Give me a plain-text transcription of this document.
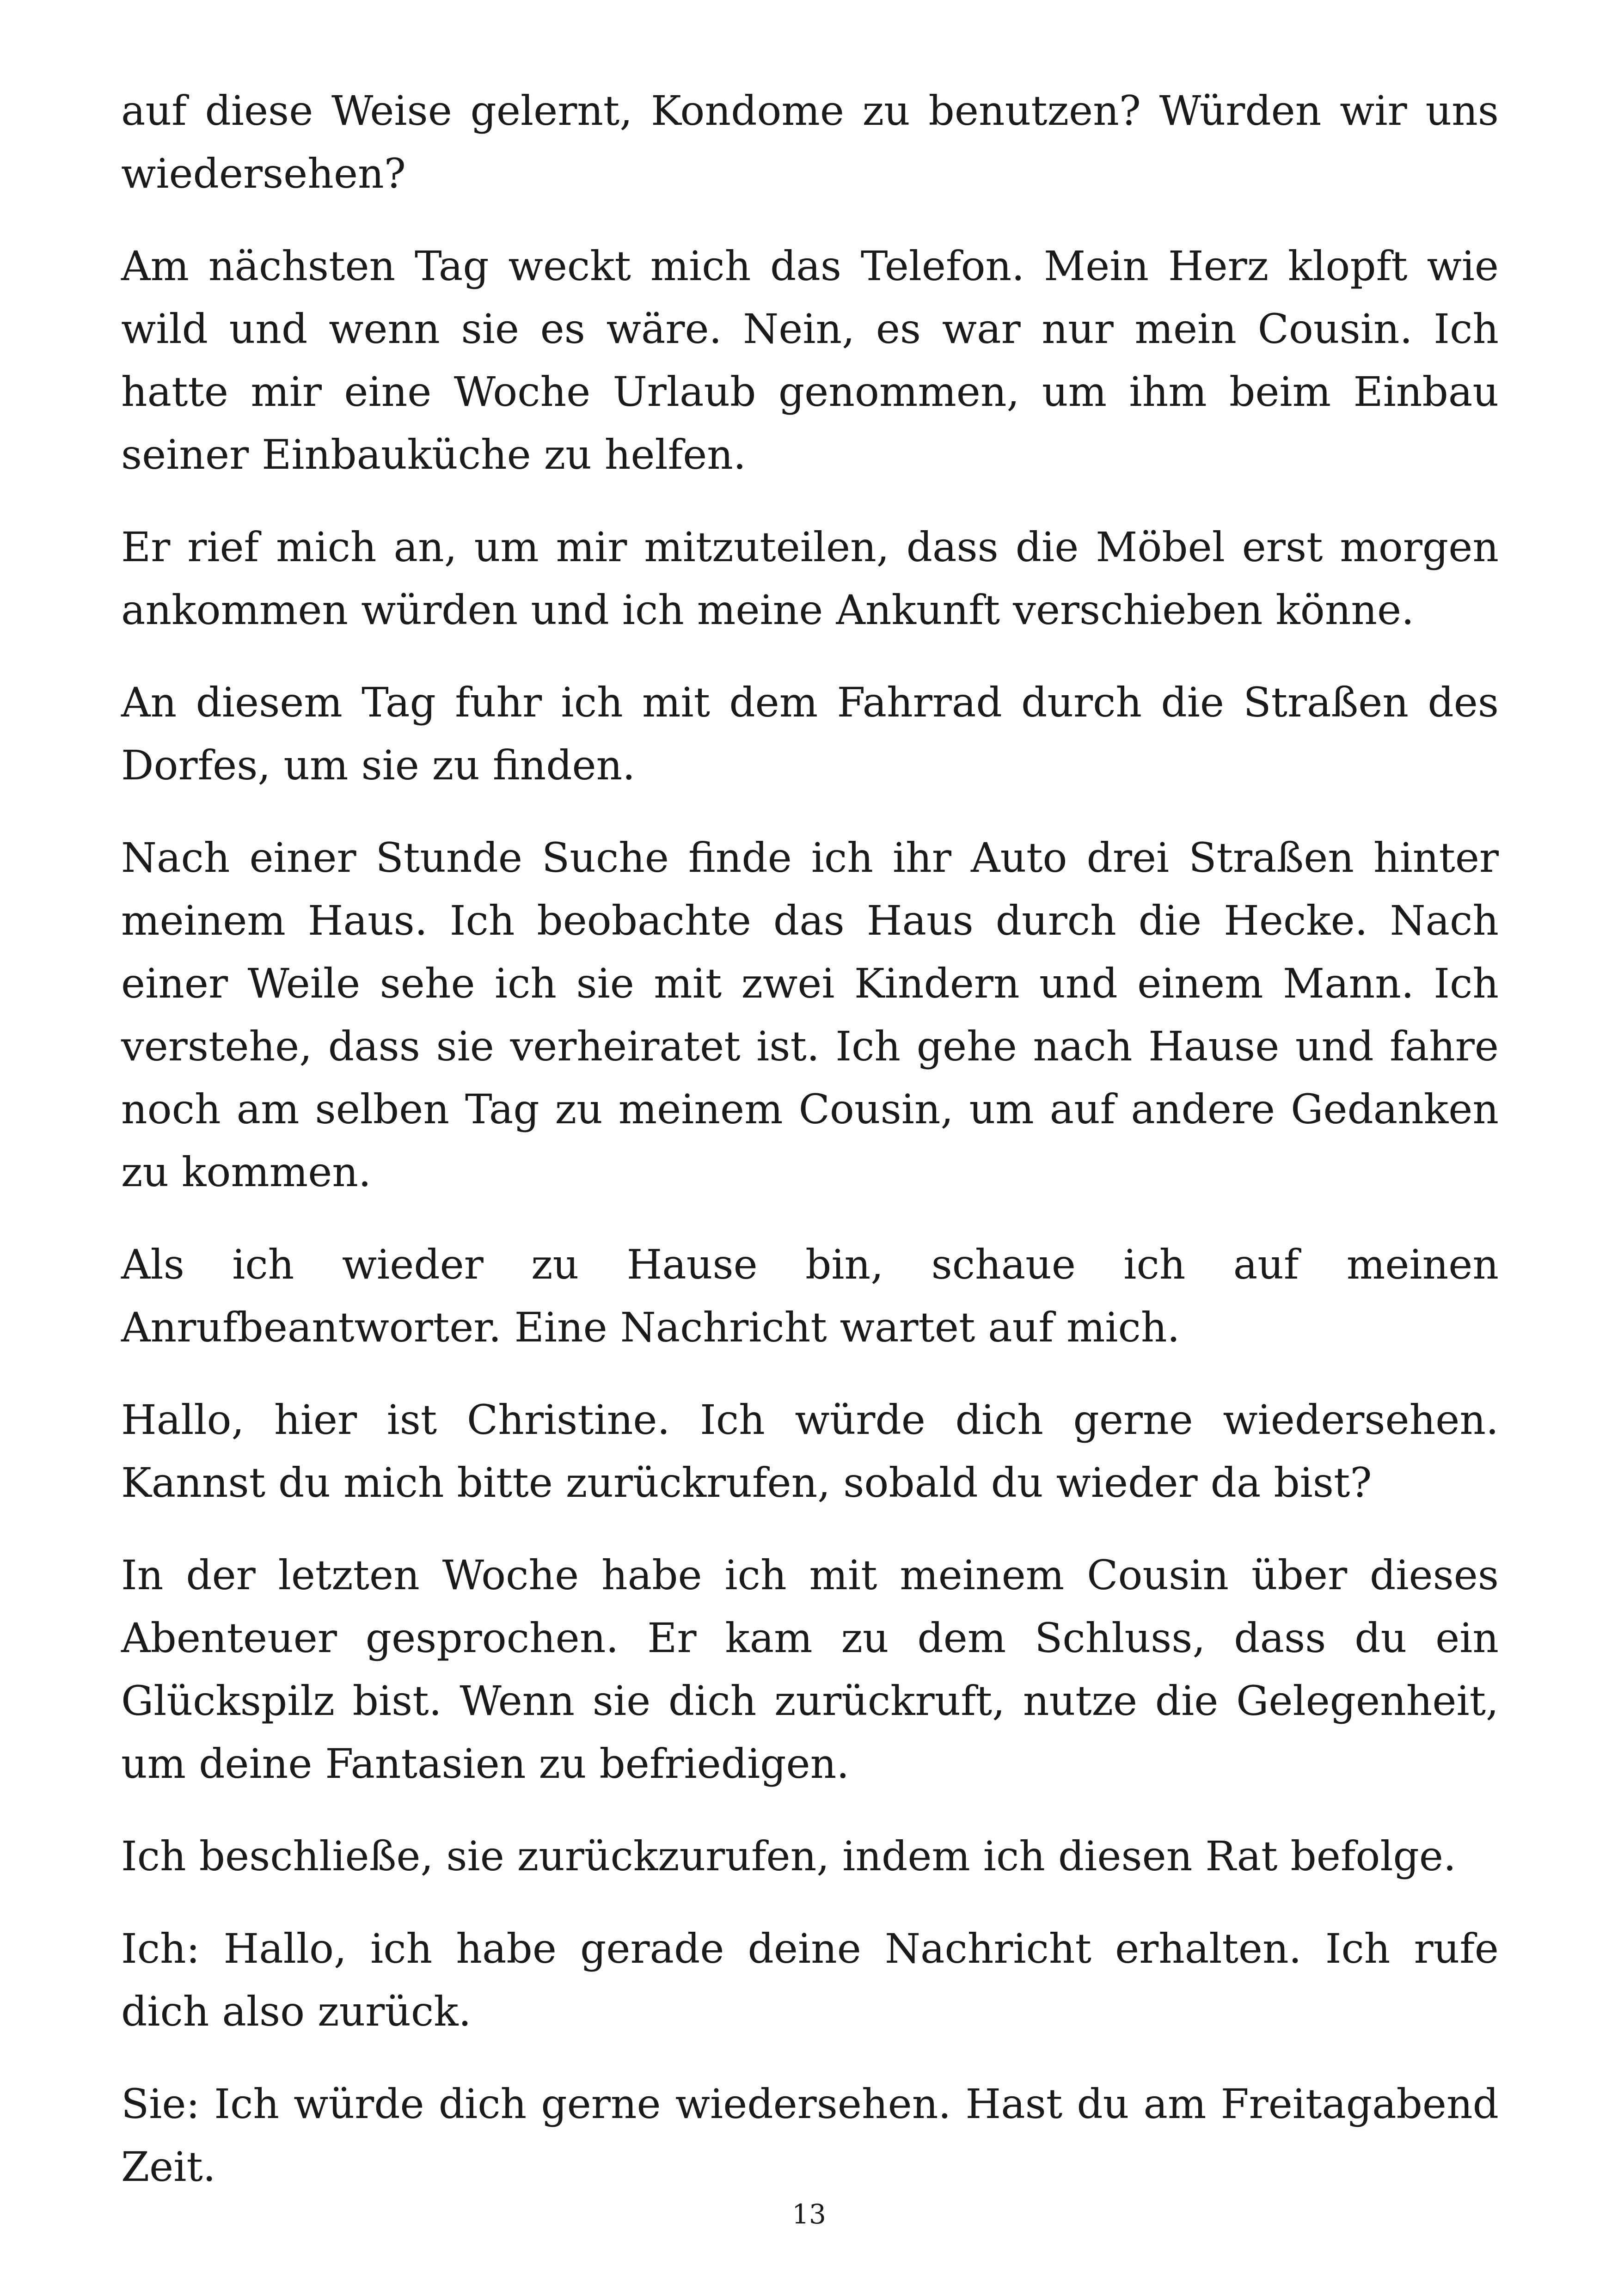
auf diese Weise gelernt, Kondome zu benutzen? Würden wir uns wiedersehen?

Am nächsten Tag weckt mich das Telefon. Mein Herz klopft wie wild und wenn sie es wäre. Nein, es war nur mein Cousin. Ich hatte mir eine Woche Urlaub genommen, um ihm beim Einbau seiner Einbauküche zu helfen.

Er rief mich an, um mir mitzuteilen, dass die Möbel erst morgen ankommen würden und ich meine Ankunft verschieben könne.

An diesem Tag fuhr ich mit dem Fahrrad durch die Straßen des Dorfes, um sie zu finden.

Nach einer Stunde Suche finde ich ihr Auto drei Straßen hinter meinem Haus. Ich beobachte das Haus durch die Hecke. Nach einer Weile sehe ich sie mit zwei Kindern und einem Mann. Ich verstehe, dass sie verheiratet ist. Ich gehe nach Hause und fahre noch am selben Tag zu meinem Cousin, um auf andere Gedanken zu kommen.

Als ich wieder zu Hause bin, schaue ich auf meinen Anrufbeantworter. Eine Nachricht wartet auf mich.

Hallo, hier ist Christine. Ich würde dich gerne wiedersehen. Kannst du mich bitte zurückrufen, sobald du wieder da bist?

In der letzten Woche habe ich mit meinem Cousin über dieses Abenteuer gesprochen. Er kam zu dem Schluss, dass du ein Glückspilz bist. Wenn sie dich zurückruft, nutze die Gelegenheit, um deine Fantasien zu befriedigen.

Ich beschließe, sie zurückzurufen, indem ich diesen Rat befolge.

Ich: Hallo, ich habe gerade deine Nachricht erhalten. Ich rufe dich also zurück.

Sie: Ich würde dich gerne wiedersehen. Hast du am Freitagabend Zeit.

13
